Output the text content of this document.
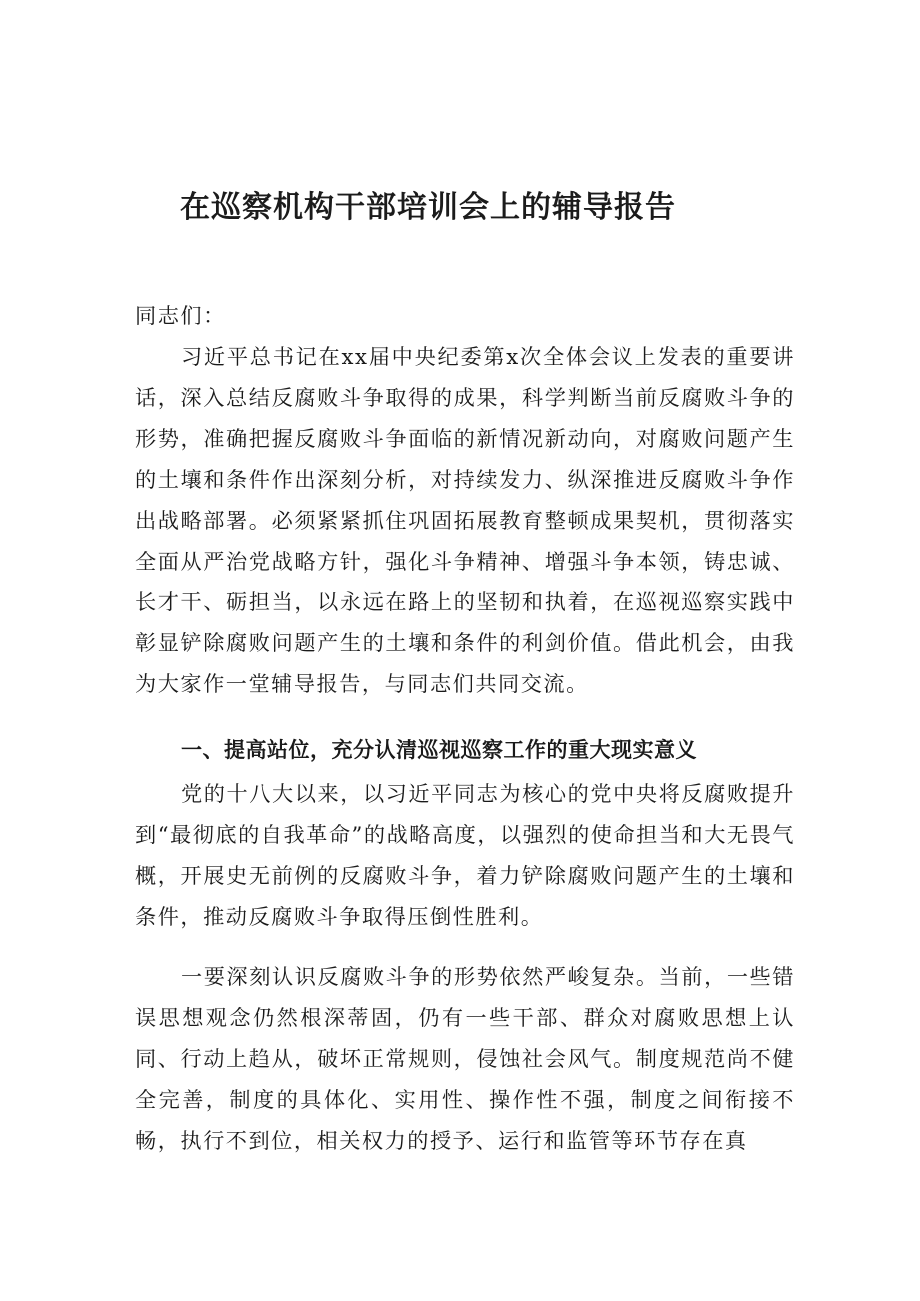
在巡察机构干部培训会上的辅导报告

同志们：

习近平总书记在xx届中央纪委第x次全体会议上发表的重要讲话，深入总结反腐败斗争取得的成果，科学判断当前反腐败斗争的形势，准确把握反腐败斗争面临的新情况新动向，对腐败问题产生的土壤和条件作出深刻分析，对持续发力、纵深推进反腐败斗争作出战略部署。必须紧紧抓住巩固拓展教育整顿成果契机，贯彻落实全面从严治党战略方针，强化斗争精神、增强斗争本领，铸忠诚、长才干、砺担当，以永远在路上的坚韧和执着，在巡视巡察实践中彰显铲除腐败问题产生的土壤和条件的利剑价值。借此机会，由我为大家作一堂辅导报告，与同志们共同交流。

一、提高站位，充分认清巡视巡察工作的重大现实意义

党的十八大以来，以习近平同志为核心的党中央将反腐败提升到“最彻底的自我革命”的战略高度，以强烈的使命担当和大无畏气概，开展史无前例的反腐败斗争，着力铲除腐败问题产生的土壤和条件，推动反腐败斗争取得压倒性胜利。

一要深刻认识反腐败斗争的形势依然严峻复杂。当前，一些错误思想观念仍然根深蒂固，仍有一些干部、群众对腐败思想上认同、行动上趋从，破坏正常规则，侵蚀社会风气。制度规范尚不健全完善，制度的具体化、实用性、操作性不强，制度之间衔接不畅，执行不到位，相关权力的授予、运行和监管等环节存在真
